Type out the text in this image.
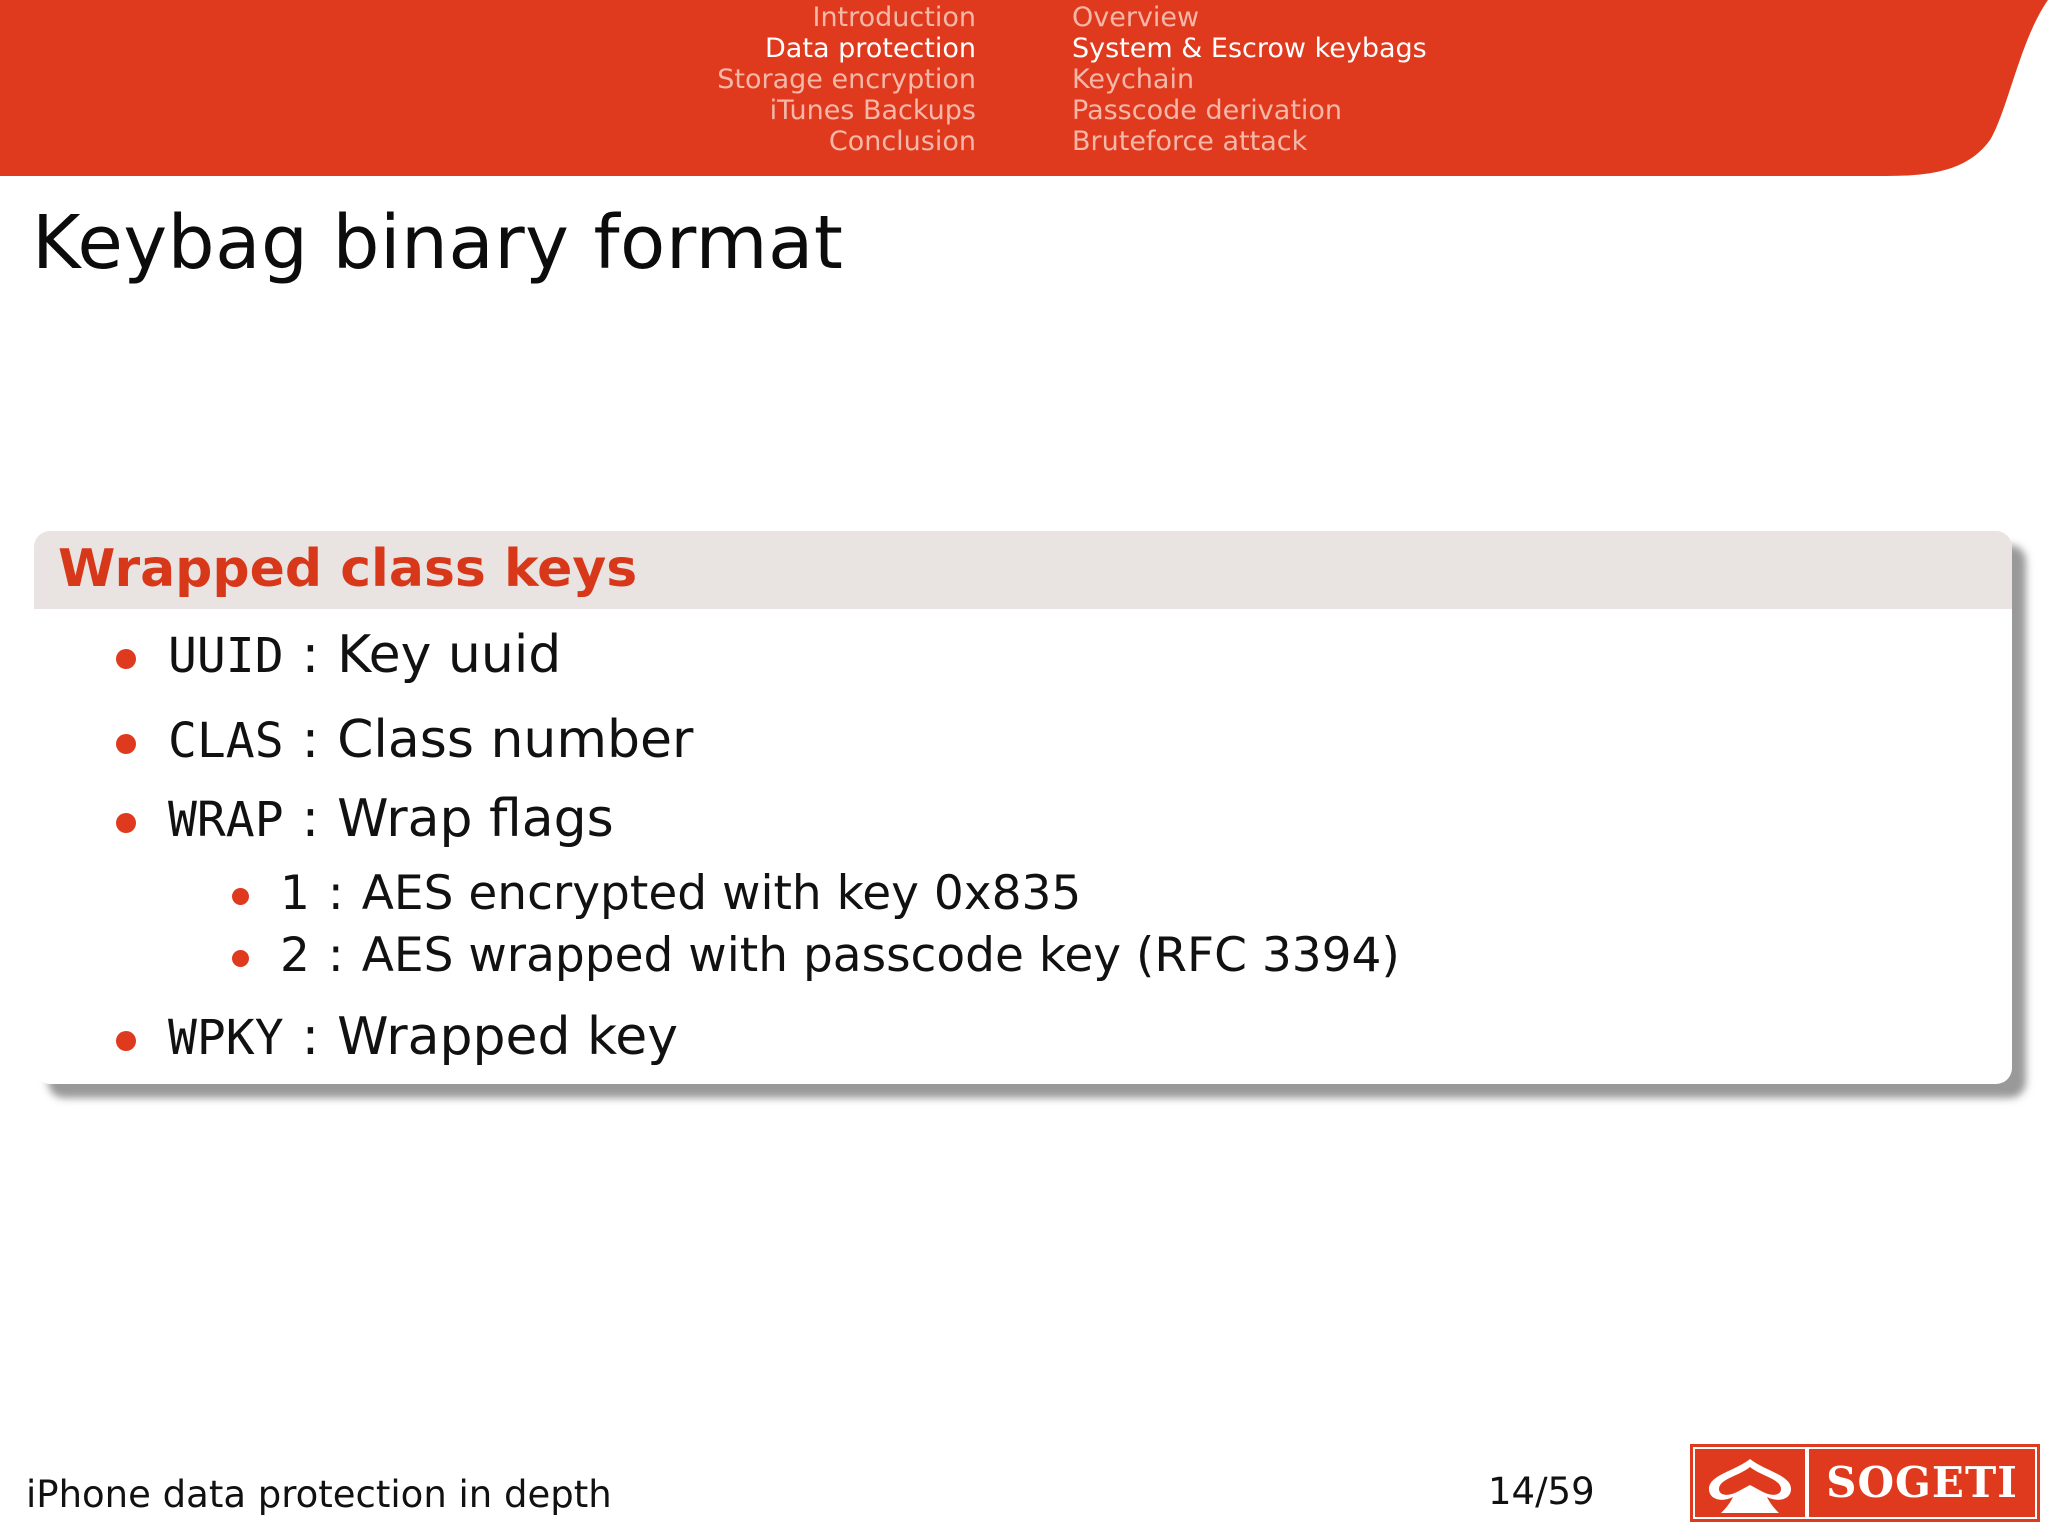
Introduction
Data protection
Storage encryption
iTunes Backups
Conclusion
Overview
System & Escrow keybags
Keychain
Passcode derivation
Bruteforce attack
Keybag binary format
Wrapped class keys
UUID : Key uuid
CLAS : Class number
WRAP : Wrap flags
1 : AES encrypted with key 0x835
2 : AES wrapped with passcode key (RFC 3394)
WPKY : Wrapped key
iPhone data protection in depth	14/59	SOGETI
